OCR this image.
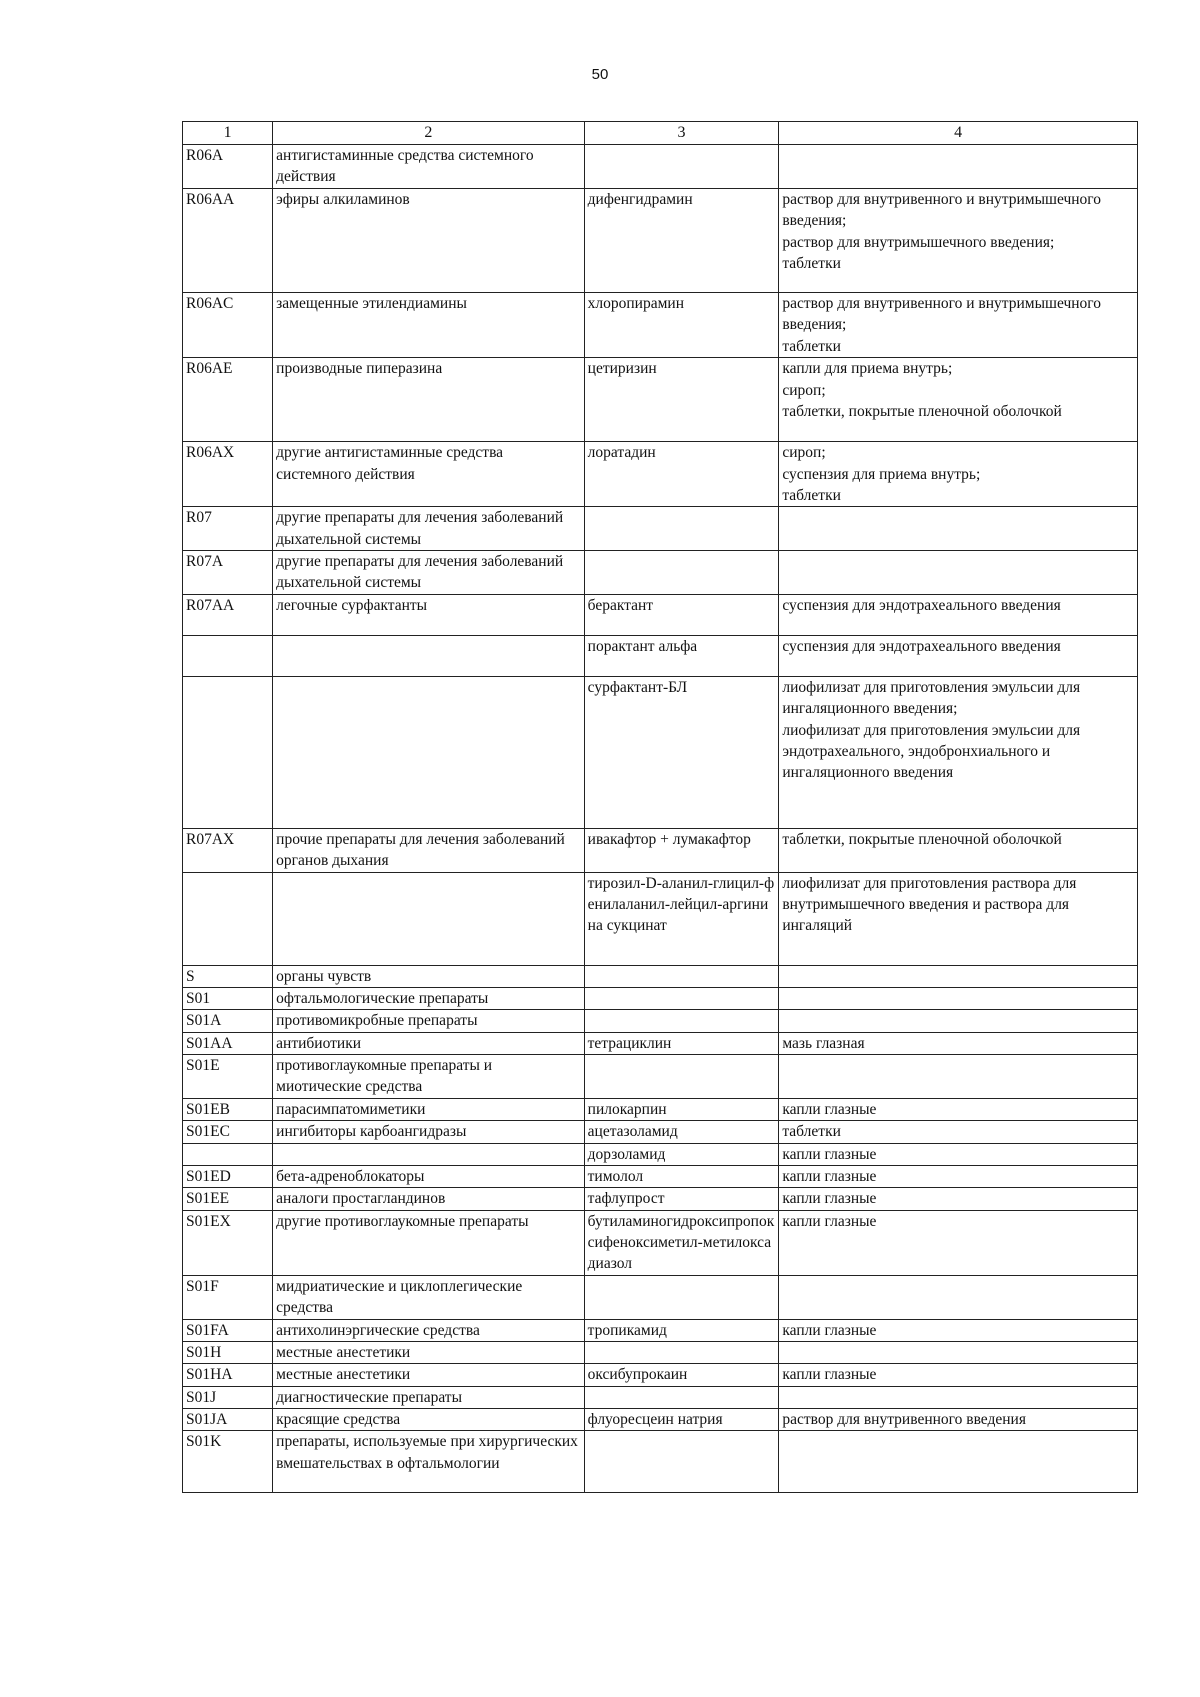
50
1	2	3	4
R06A	антигистаминные средства системного действия		
R06AA	эфиры алкиламинов	дифенгидрамин	раствор для внутривенного и внутримышечного введения;
раствор для внутримышечного введения;
таблетки

R06AC	замещенные этилендиамины	хлоропирамин	раствор для внутривенного и внутримышечного введения;
таблетки

R06AE	производные пиперазина	цетиризин	капли для приема внутрь;
сироп;
таблетки, покрытые пленочной оболочкой

R06AX	другие антигистаминные средства системного действия	лоратадин	сироп;
суспензия для приема внутрь;
таблетки

R07	другие препараты для лечения заболеваний дыхательной системы		
R07A	другие препараты для лечения заболеваний дыхательной системы		
R07AA	легочные сурфактанты	берактант	суспензия для эндотрахеального введения

		порактант альфа	суспензия для эндотрахеального введения

		сурфактант-БЛ	лиофилизат для приготовления эмульсии для ингаляционного введения;
лиофилизат для приготовления эмульсии для эндотрахеального, эндобронхиального и ингаляционного введения

R07AX	прочие препараты для лечения заболеваний органов дыхания	ивакафтор + лумакафтор	таблетки, покрытые пленочной оболочкой

		тирозил-D-аланил-глицил-фенилаланил-лейцил-аргинина сукцинат	лиофилизат для приготовления раствора для внутримышечного введения и раствора для ингаляций

S	органы чувств		
S01	офтальмологические препараты		
S01A	противомикробные препараты		
S01AA	антибиотики	тетрациклин	мазь глазная

S01E	противоглаукомные препараты и миотические средства		
S01EB	парасимпатомиметики	пилокарпин	капли глазные

S01EC	ингибиторы карбоангидразы	ацетазоламид	таблетки

		дорзоламид	капли глазные

S01ED	бета-адреноблокаторы	тимолол	капли глазные

S01EE	аналоги простагландинов	тафлупрост	капли глазные

S01EX	другие противоглаукомные препараты	бутиламиногидроксипропоксифеноксиметил-метилоксадиазол	капли глазные

S01F	мидриатические и циклоплегические средства		
S01FA	антихолинэргические средства	тропикамид	капли глазные

S01H	местные анестетики		
S01HA	местные анестетики	оксибупрокаин	капли глазные

S01J	диагностические препараты		
S01JA	красящие средства	флуоресцеин натрия	раствор для внутривенного введения

S01K	препараты, используемые при хирургических вмешательствах в офтальмологии		
